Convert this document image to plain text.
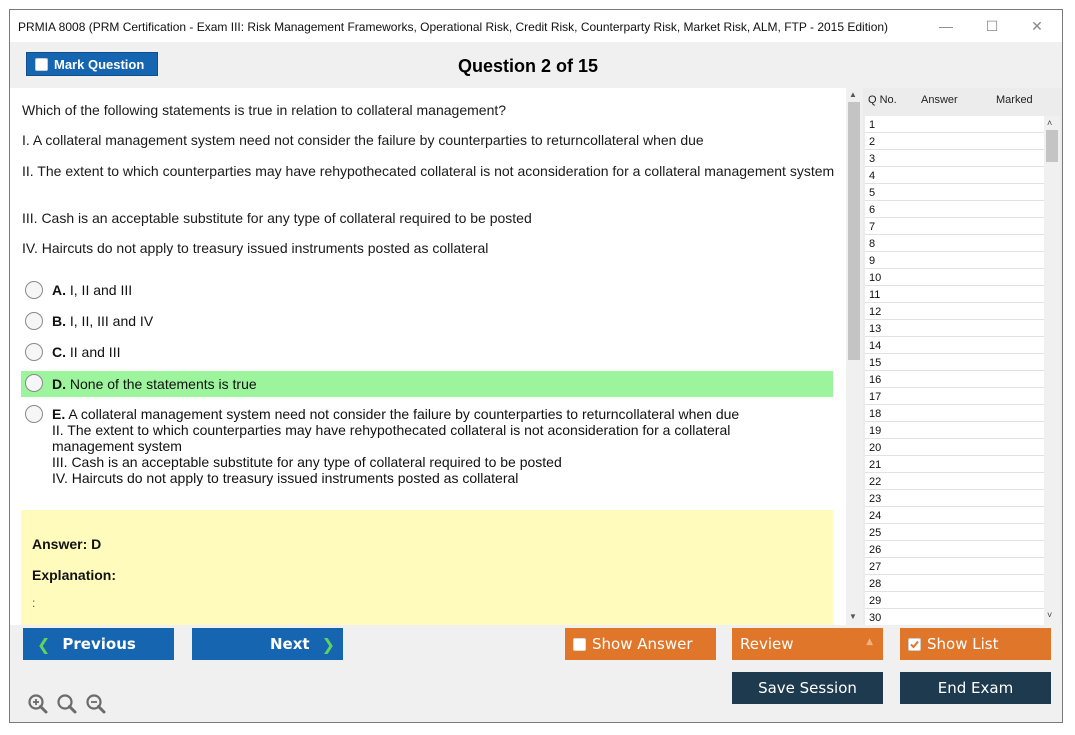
PRMIA 8008 (PRM Certification - Exam III: Risk Management Frameworks, Operational Risk, Credit Risk, Counterparty Risk, Market Risk, ALM, FTP - 2015 Edition)	—	☐	✕
Mark Question	Question 2 of 15
Which of the following statements is true in relation to collateral management?
I. A collateral management system need not consider the failure by counterparties to returncollateral when due
II. The extent to which counterparties may have rehypothecated collateral is not aconsideration for a collateral management system
III. Cash is an acceptable substitute for any type of collateral required to be posted
IV. Haircuts do not apply to treasury issued instruments posted as collateral
A. I, II and III
B. I, II, III and IV
C. II and III
D. None of the statements is true
E. A collateral management system need not consider the failure by counterparties to returncollateral when due
II. The extent to which counterparties may have rehypothecated collateral is not aconsideration for a collateral management system
III. Cash is an acceptable substitute for any type of collateral required to be posted
IV. Haircuts do not apply to treasury issued instruments posted as collateral
Answer: D
Explanation:
:
▲
▼
Q No. Answer	Marked
1
2
3
4
5
6
7
8
9
10
11
12
13
14
15
16
17
18
19
20
21
22
23
24
25
26
27
28
29
30
˄
˅
❮ Previous	Next ❯	Show Answer	Review	▲	Show List
Save Session	End Exam
